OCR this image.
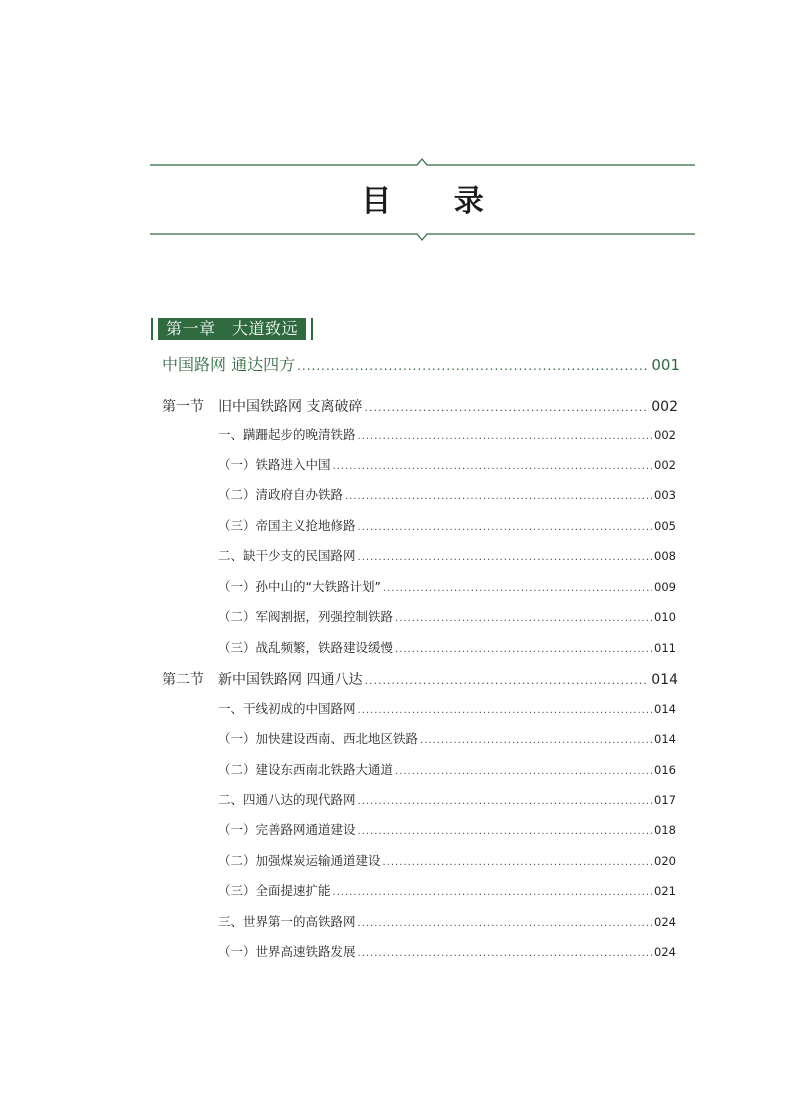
目 录
第一章　大道致远
中国路网 通达四方 .....	001
第一节　旧中国铁路网 支离破碎 .....	002
一、蹒跚起步的晚清铁路 .....	002
（一）铁路进入中国 .....	002
（二）清政府自办铁路 .....	003
（三）帝国主义抢地修路 .....	005
二、缺干少支的民国路网 .....	008
（一）孙中山的“大铁路计划” .....	009
（二）军阀割据，列强控制铁路 .....	010
（三）战乱频繁，铁路建设缓慢 .....	011
第二节　新中国铁路网 四通八达 .....	014
一、干线初成的中国路网 .....	014
（一）加快建设西南、西北地区铁路 .....	014
（二）建设东西南北铁路大通道 .....	016
二、四通八达的现代路网 .....	017
（一）完善路网通道建设 .....	018
（二）加强煤炭运输通道建设 .....	020
（三）全面提速扩能 .....	021
三、世界第一的高铁路网 .....	024
（一）世界高速铁路发展 .....	024
